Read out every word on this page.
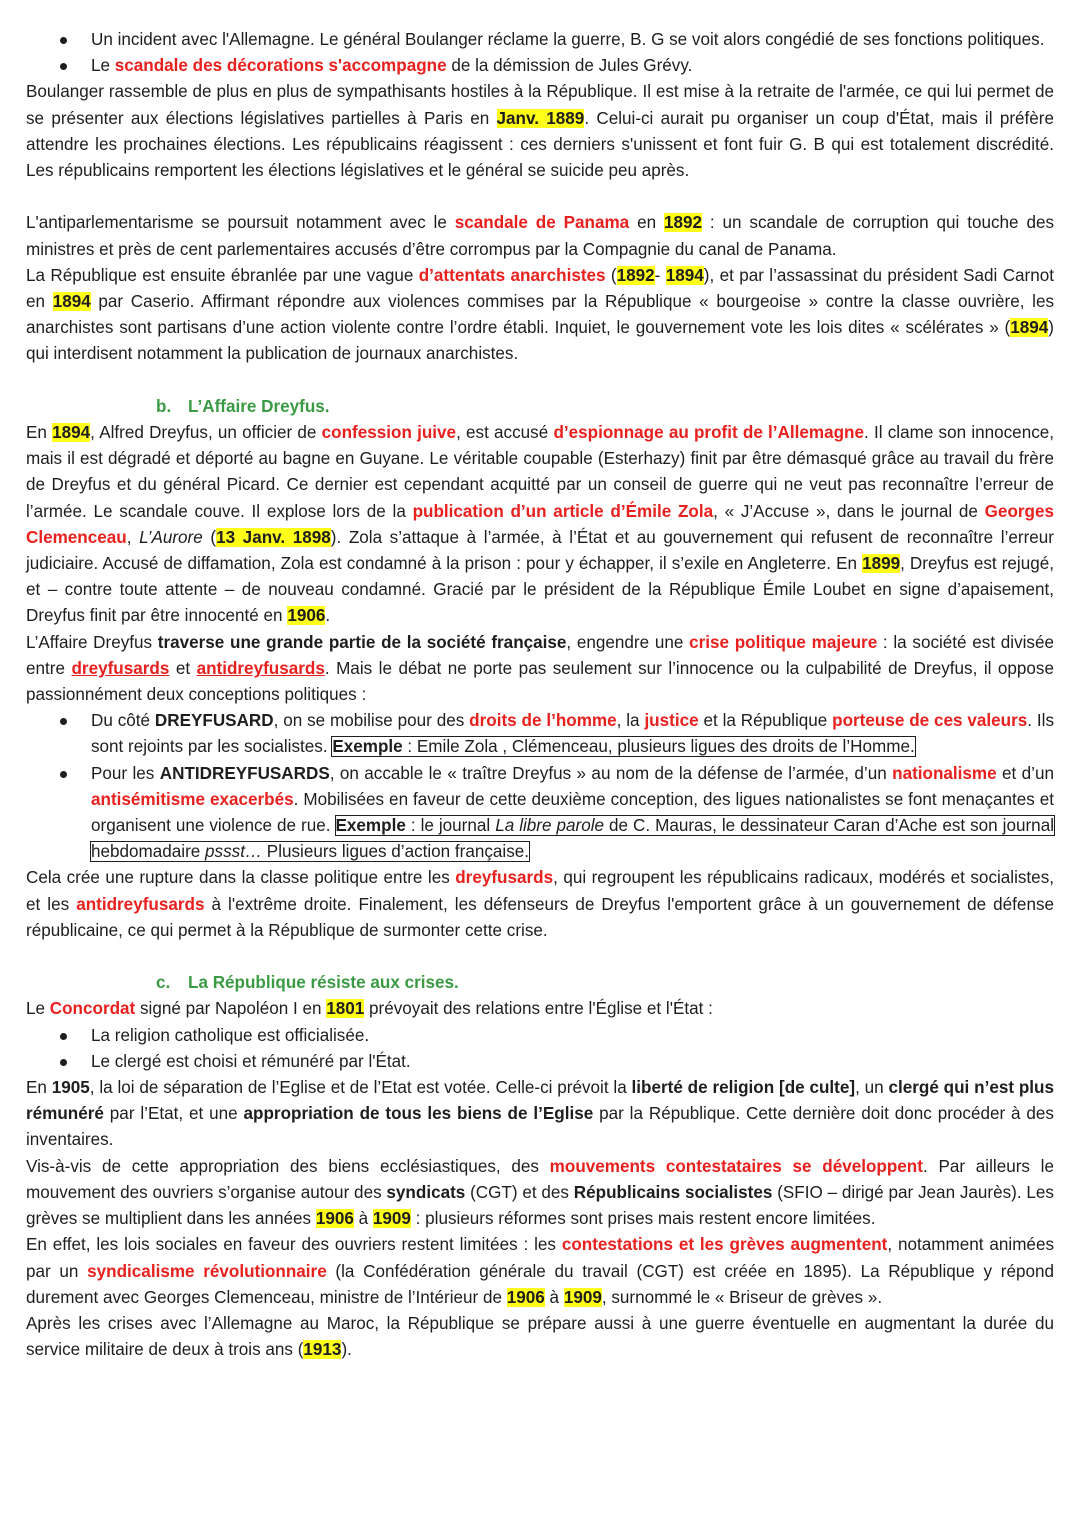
Un incident avec l'Allemagne. Le général Boulanger réclame la guerre, B. G se voit alors congédié de ses fonctions politiques.

Le scandale des décorations s'accompagne de la démission de Jules Grévy.

Boulanger rassemble de plus en plus de sympathisants hostiles à la République. Il est mise à la retraite de l'armée, ce qui lui permet de se présenter aux élections législatives partielles à Paris en Janv. 1889. Celui-ci aurait pu organiser un coup d'État, mais il préfère attendre les prochaines élections. Les républicains réagissent : ces derniers s'unissent et font fuir G. B qui est totalement discrédité. Les républicains remportent les élections législatives et le général se suicide peu après.

L'antiparlementarisme se poursuit notamment avec le scandale de Panama en 1892 : un scandale de corruption qui touche des ministres et près de cent parlementaires accusés d’être corrompus par la Compagnie du canal de Panama.

La République est ensuite ébranlée par une vague d’attentats anarchistes (1892- 1894), et par l’assassinat du président Sadi Carnot en 1894 par Caserio. Affirmant répondre aux violences commises par la République « bourgeoise » contre la classe ouvrière, les anarchistes sont partisans d’une action violente contre l’ordre établi. Inquiet, le gouvernement vote les lois dites « scélérates » (1894) qui interdisent notamment la publication de journaux anarchistes.

b. L’Affaire Dreyfus.

En 1894, Alfred Dreyfus, un officier de confession juive, est accusé d’espionnage au profit de l’Allemagne. Il clame son innocence, mais il est dégradé et déporté au bagne en Guyane. Le véritable coupable (Esterhazy) finit par être démasqué grâce au travail du frère de Dreyfus et du général Picard. Ce dernier est cependant acquitté par un conseil de guerre qui ne veut pas reconnaître l’erreur de l’armée. Le scandale couve. Il explose lors de la publication d’un article d’Émile Zola, « J’Accuse », dans le journal de Georges Clemenceau, L’Aurore (13 Janv. 1898). Zola s’attaque à l’armée, à l’État et au gouvernement qui refusent de reconnaître l’erreur judiciaire. Accusé de diffamation, Zola est condamné à la prison : pour y échapper, il s’exile en Angleterre. En 1899, Dreyfus est rejugé, et – contre toute attente – de nouveau condamné. Gracié par le président de la République Émile Loubet en signe d’apaisement, Dreyfus finit par être innocenté en 1906.

L’Affaire Dreyfus traverse une grande partie de la société française, engendre une crise politique majeure : la société est divisée entre dreyfusards et antidreyfusards. Mais le débat ne porte pas seulement sur l’innocence ou la culpabilité de Dreyfus, il oppose passionnément deux conceptions politiques :

Du côté DREYFUSARD, on se mobilise pour des droits de l’homme, la justice et la République porteuse de ces valeurs. Ils sont rejoints par les socialistes. Exemple : Emile Zola , Clémenceau, plusieurs ligues des droits de l’Homme.

Pour les ANTIDREYFUSARDS, on accable le « traître Dreyfus » au nom de la défense de l’armée, d’un nationalisme et d’un antisémitisme exacerbés. Mobilisées en faveur de cette deuxième conception, des ligues nationalistes se font menaçantes et organisent une violence de rue. Exemple : le journal La libre parole de C. Mauras, le dessinateur Caran d’Ache est son journal hebdomadaire pssst… Plusieurs ligues d’action française.

Cela crée une rupture dans la classe politique entre les dreyfusards, qui regroupent les républicains radicaux, modérés et socialistes, et les antidreyfusards à l'extrême droite. Finalement, les défenseurs de Dreyfus l'emportent grâce à un gouvernement de défense républicaine, ce qui permet à la République de surmonter cette crise.

c. La République résiste aux crises.

Le Concordat signé par Napoléon I en 1801 prévoyait des relations entre l'Église et l'État :

La religion catholique est officialisée.

Le clergé est choisi et rémunéré par l'État.

En 1905, la loi de séparation de l’Eglise et de l’Etat est votée. Celle-ci prévoit la liberté de religion [de culte], un clergé qui n’est plus rémunéré par l’Etat, et une appropriation de tous les biens de l’Eglise par la République. Cette dernière doit donc procéder à des inventaires.

Vis-à-vis de cette appropriation des biens ecclésiastiques, des mouvements contestataires se développent. Par ailleurs le mouvement des ouvriers s’organise autour des syndicats (CGT) et des Républicains socialistes (SFIO – dirigé par Jean Jaurès). Les grèves se multiplient dans les années 1906 à 1909 : plusieurs réformes sont prises mais restent encore limitées.

En effet, les lois sociales en faveur des ouvriers restent limitées : les contestations et les grèves augmentent, notamment animées par un syndicalisme révolutionnaire (la Confédération générale du travail (CGT) est créée en 1895). La République y répond durement avec Georges Clemenceau, ministre de l’Intérieur de 1906 à 1909, surnommé le « Briseur de grèves ».

Après les crises avec l’Allemagne au Maroc, la République se prépare aussi à une guerre éventuelle en augmentant la durée du service militaire de deux à trois ans (1913).
